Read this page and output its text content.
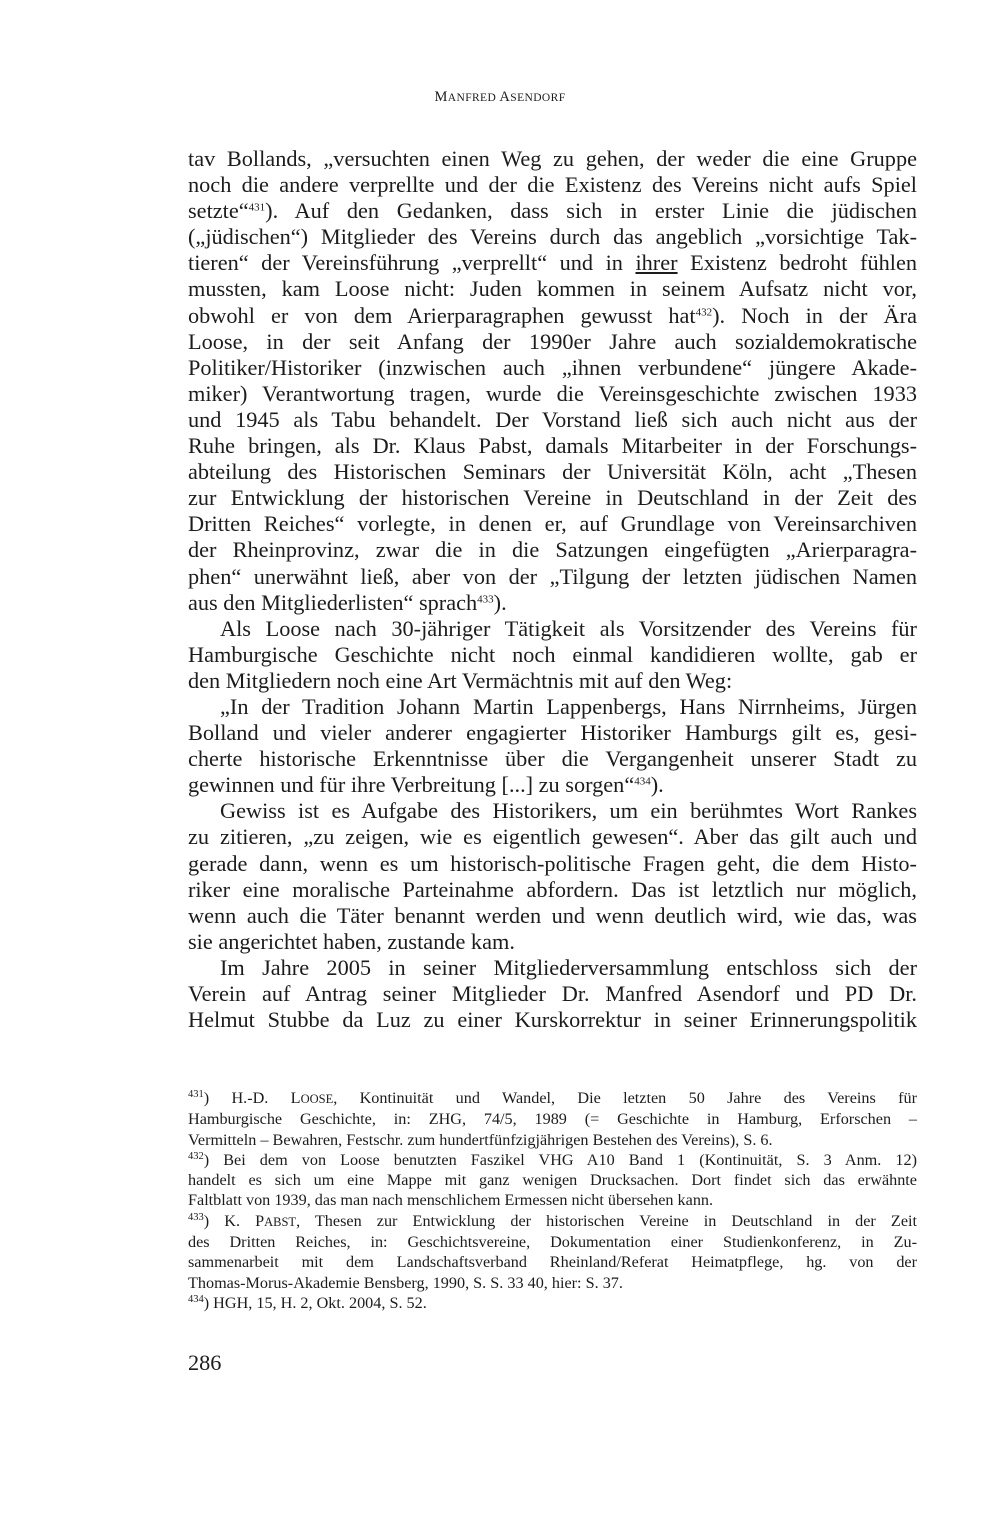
MANFRED ASENDORF
tav Bollands, „versuchten einen Weg zu gehen, der weder die eine Gruppe
noch die andere verprellte und der die Existenz des Vereins nicht aufs Spiel
setzte“$^{431}$). Auf den Gedanken, dass sich in erster Linie die jüdischen
(„jüdischen“) Mitglieder des Vereins durch das angeblich „vorsichtige Tak-
tieren“ der Vereinsführung „verprellt“ und in ihrer Existenz bedroht fühlen
mussten, kam Loose nicht: Juden kommen in seinem Aufsatz nicht vor,
obwohl er von dem Arierparagraphen gewusst hat$^{432}$). Noch in der Ära
Loose, in der seit Anfang der 1990er Jahre auch sozialdemokratische
Politiker/Historiker (inzwischen auch „ihnen verbundene“ jüngere Akade-
miker) Verantwortung tragen, wurde die Vereinsgeschichte zwischen 1933
und 1945 als Tabu behandelt. Der Vorstand ließ sich auch nicht aus der
Ruhe bringen, als Dr. Klaus Pabst, damals Mitarbeiter in der Forschungs-
abteilung des Historischen Seminars der Universität Köln, acht „Thesen
zur Entwicklung der historischen Vereine in Deutschland in der Zeit des
Dritten Reiches“ vorlegte, in denen er, auf Grundlage von Vereinsarchiven
der Rheinprovinz, zwar die in die Satzungen eingefügten „Arierparagra-
phen“ unerwähnt ließ, aber von der „Tilgung der letzten jüdischen Namen
aus den Mitgliederlisten“ sprach$^{433}$).
Als Loose nach 30-jähriger Tätigkeit als Vorsitzender des Vereins für
Hamburgische Geschichte nicht noch einmal kandidieren wollte, gab er
den Mitgliedern noch eine Art Vermächtnis mit auf den Weg:
„In der Tradition Johann Martin Lappenbergs, Hans Nirrnheims, Jürgen
Bolland und vieler anderer engagierter Historiker Hamburgs gilt es, gesi-
cherte historische Erkenntnisse über die Vergangenheit unserer Stadt zu
gewinnen und für ihre Verbreitung [...] zu sorgen“$^{434}$).
Gewiss ist es Aufgabe des Historikers, um ein berühmtes Wort Rankes
zu zitieren, „zu zeigen, wie es eigentlich gewesen“. Aber das gilt auch und
gerade dann, wenn es um historisch-politische Fragen geht, die dem Histo-
riker eine moralische Parteinahme abfordern. Das ist letztlich nur möglich,
wenn auch die Täter benannt werden und wenn deutlich wird, wie das, was
sie angerichtet haben, zustande kam.
Im Jahre 2005 in seiner Mitgliederversammlung entschloss sich der
Verein auf Antrag seiner Mitglieder Dr. Manfred Asendorf und PD Dr.
Helmut Stubbe da Luz zu einer Kurskorrektur in seiner Erinnerungspolitik
$^{431}$) H.-D. LOOSE, Kontinuität und Wandel, Die letzten 50 Jahre des Vereins für
Hamburgische Geschichte, in: ZHG, 74/5, 1989 (= Geschichte in Hamburg, Erforschen –
Vermitteln – Bewahren, Festschr. zum hundertfünfzigjährigen Bestehen des Vereins), S. 6.
$^{432}$) Bei dem von Loose benutzten Faszikel VHG A10 Band 1 (Kontinuität, S. 3 Anm. 12)
handelt es sich um eine Mappe mit ganz wenigen Drucksachen. Dort findet sich das erwähnte
Faltblatt von 1939, das man nach menschlichem Ermessen nicht übersehen kann.
$^{433}$) K. PABST, Thesen zur Entwicklung der historischen Vereine in Deutschland in der Zeit
des Dritten Reiches, in: Geschichtsvereine, Dokumentation einer Studienkonferenz, in Zu-
sammenarbeit mit dem Landschaftsverband Rheinland/Referat Heimatpflege, hg. von der
Thomas-Morus-Akademie Bensberg, 1990, S. S. 33 40, hier: S. 37.
$^{434}$) HGH, 15, H. 2, Okt. 2004, S. 52.
286
